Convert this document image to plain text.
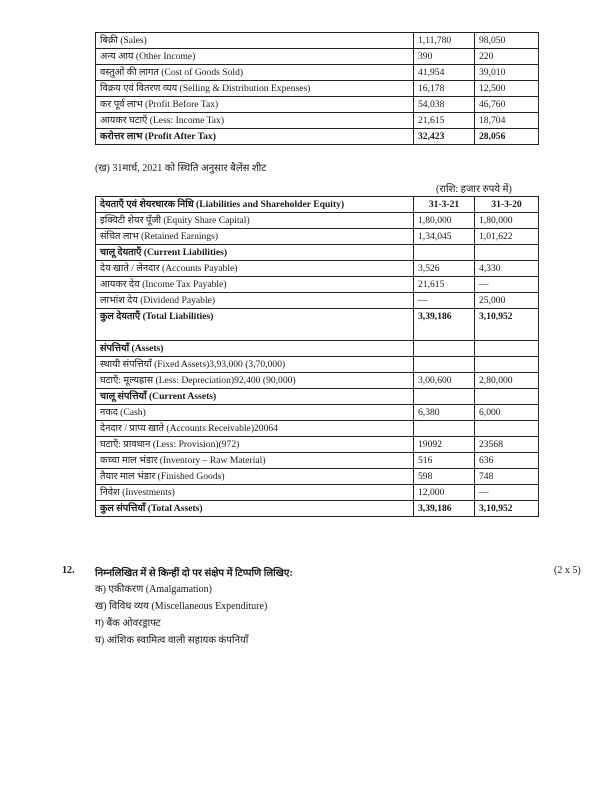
बिक्री (Sales)	1,11,780	98,050
अन्य आय (Other Income)	390	220
वस्तुओं की लागत (Cost of Goods Sold)	41,954	39,010
विक्रय एवं वितरण व्यय (Selling & Distribution Expenses)	16,178	12,500
कर पूर्व लाभ (Profit Before Tax)	54,038	46,760
आयकर घटाएँ (Less: Income Tax)	21,615	18,704
करोत्तर लाभ (Profit After Tax)	32,423	28,056
(ख) 31मार्च, 2021 को स्थिति अनुसार बैलेंस शीट
(राशि: हजार रुपये में)
देयताएँ एवं शेयरधारक निधि (Liabilities and Shareholder Equity)	31-3-21	31-3-20
इक्विटी शेयर पूँजी (Equity Share Capital)	1,80,000	1,80,000
संचित लाभ (Retained Earnings)	1,34,045	1,01,622
चालू देयताएँ (Current Liabilities)		
देय खाते / लेनदार (Accounts Payable)	3,526	4,330
आयकर देय (Income Tax Payable)	21,615	—
लाभांश देय (Dividend Payable)	—	25,000
कुल देयताएँ (Total Liabilities)	3,39,186	3,10,952
संपत्तियाँ (Assets)		
स्थायी संपत्तियाँ (Fixed Assets)3,93,000 (3,70,000)		
घटाएँ: मूल्यह्रास (Less: Depreciation)92,400 (90,000)	3,00,600	2,80,000
चालू संपत्तियाँ (Current Assets)		
नकद (Cash)	6,380	6,000
देनदार / प्राप्य खाते (Accounts Receivable)20064		
घटाएँ: प्रावधान (Less: Provision)(972)	19092	23568
कच्चा माल भंडार (Inventory – Raw Material)	516	636
तैयार माल भंडार (Finished Goods)	598	748
निवेश (Investments)	12,000	—
कुल संपत्तियाँ (Total Assets)	3,39,186	3,10,952
12. निम्नलिखित में से किन्हीं दो पर संक्षेप में टिप्पणि लिखिए:	(2 x 5)
क) एकीकरण (Amalgamation)
ख) विविध व्यय (Miscellaneous Expenditure)
ग) बैंक ओवरड्राफ्ट
घ) आंशिक स्वामित्व वाली सहायक कंपनियाँ
